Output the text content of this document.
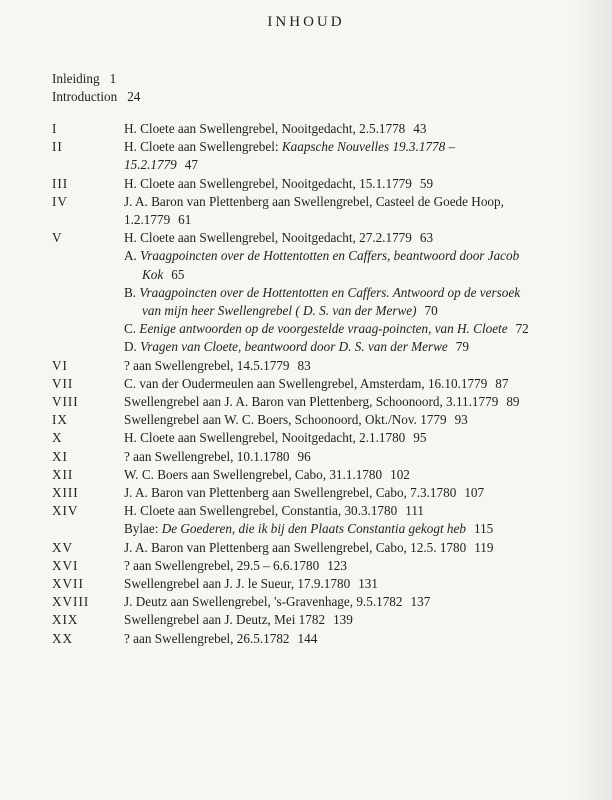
INHOUD
Inleiding 1
Introduction 24
I	H. Cloete aan Swellengrebel, Nooitgedacht, 2.5.1778 43
II	H. Cloete aan Swellengrebel: Kaapsche Nouvelles 19.3.1778 – 15.2.1779 47
III	H. Cloete aan Swellengrebel, Nooitgedacht, 15.1.1779 59
IV	J. A. Baron van Plettenberg aan Swellengrebel, Casteel de Goede Hoop, 1.2.1779 61
V	H. Cloete aan Swellengrebel, Nooitgedacht, 27.2.1779 63
A. Vraagpoincten over de Hottentotten en Caffers, beantwoord door Jacob Kok 65
B. Vraagpoincten over de Hottentotten en Caffers. Antwoord op de versoek van mijn heer Swellengrebel ( D. S. van der Merwe) 70
C. Eenige antwoorden op de voorgestelde vraag-poincten, van H. Cloete 72
D. Vragen van Cloete, beantwoord door D. S. van der Merwe 79
VI	? aan Swellengrebel, 14.5.1779 83
VII	C. van der Oudermeulen aan Swellengrebel, Amsterdam, 16.10.1779 87
VIII	Swellengrebel aan J. A. Baron van Plettenberg, Schoonoord, 3.11.1779 89
IX	Swellengrebel aan W. C. Boers, Schoonoord, Okt./Nov. 1779 93
X	H. Cloete aan Swellengrebel, Nooitgedacht, 2.1.1780 95
XI	? aan Swellengrebel, 10.1.1780 96
XII	W. C. Boers aan Swellengrebel, Cabo, 31.1.1780 102
XIII	J. A. Baron van Plettenberg aan Swellengrebel, Cabo, 7.3.1780 107
XIV	H. Cloete aan Swellengrebel, Constantia, 30.3.1780 111
Bylae: De Goederen, die ik bij den Plaats Constantia gekogt heb 115
XV	J. A. Baron van Plettenberg aan Swellengrebel, Cabo, 12.5. 1780 119
XVI	? aan Swellengrebel, 29.5 – 6.6.1780 123
XVII	Swellengrebel aan J. J. le Sueur, 17.9.1780 131
XVIII	J. Deutz aan Swellengrebel, 's-Gravenhage, 9.5.1782 137
XIX	Swellengrebel aan J. Deutz, Mei 1782 139
XX	? aan Swellengrebel, 26.5.1782 144
